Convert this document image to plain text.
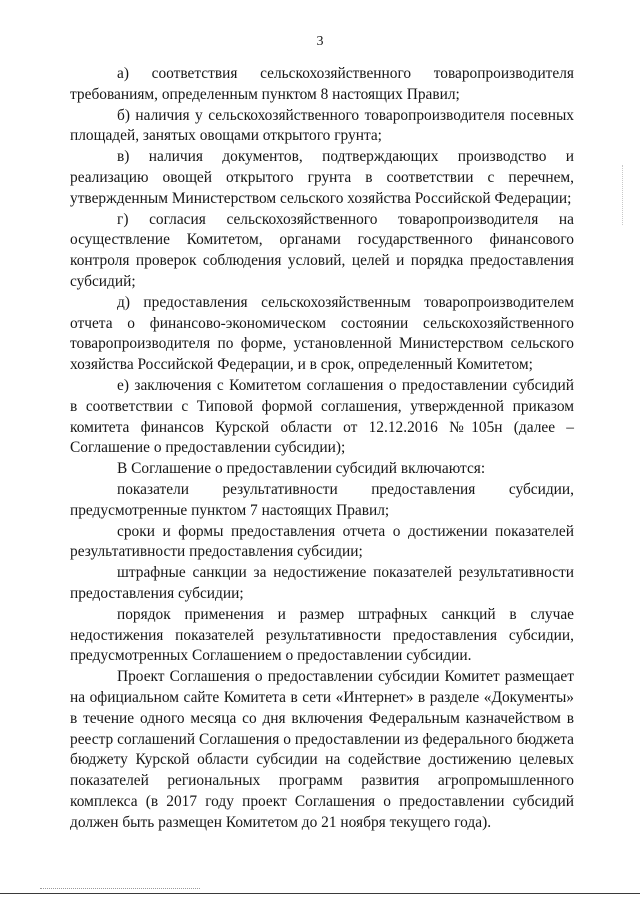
3

а) соответствия сельскохозяйственного товаропроизводителя требованиям, определенным пунктом 8 настоящих Правил;

б) наличия у сельскохозяйственного товаропроизводителя посевных площадей, занятых овощами открытого грунта;

в) наличия документов, подтверждающих производство и реализацию овощей открытого грунта в соответствии с перечнем, утвержденным Министерством сельского хозяйства Российской Федерации;

г) согласия сельскохозяйственного товаропроизводителя на осуществление Комитетом, органами государственного финансового контроля проверок соблюдения условий, целей и порядка предоставления субсидий;

д) предоставления сельскохозяйственным товаропроизводителем отчета о финансово-экономическом состоянии сельскохозяйственного товаропроизводителя по форме, установленной Министерством сельского хозяйства Российской Федерации, и в срок, определенный Комитетом;

е) заключения с Комитетом соглашения о предоставлении субсидий в соответствии с Типовой формой соглашения, утвержденной приказом комитета финансов Курской области от 12.12.2016 №105н (далее – Соглашение о предоставлении субсидии);

В Соглашение о предоставлении субсидий включаются:

показатели результативности предоставления субсидии, предусмотренные пунктом 7 настоящих Правил;

сроки и формы предоставления отчета о достижении показателей результативности предоставления субсидии;

штрафные санкции за недостижение показателей результативности предоставления субсидии;

порядок применения и размер штрафных санкций в случае недостижения показателей результативности предоставления субсидии, предусмотренных Соглашением о предоставлении субсидии.

Проект Соглашения о предоставлении субсидии Комитет размещает на официальном сайте Комитета в сети «Интернет» в разделе «Документы» в течение одного месяца со дня включения Федеральным казначейством в реестр соглашений Соглашения о предоставлении из федерального бюджета бюджету Курской области субсидии на содействие достижению целевых показателей региональных программ развития агропромышленного комплекса (в 2017 году проект Соглашения о предоставлении субсидий должен быть размещен Комитетом до 21 ноября текущего года).
